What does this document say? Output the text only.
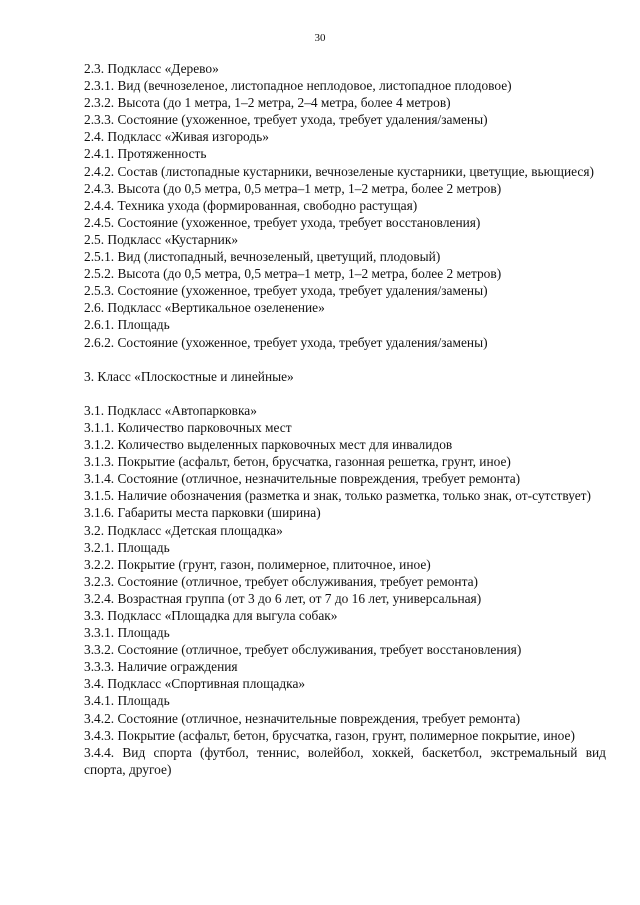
30

2.3. Подкласс «Дерево»

2.3.1. Вид (вечнозеленое, листопадное неплодовое, листопадное плодовое)

2.3.2. Высота (до 1 метра, 1–2 метра, 2–4 метра, более 4 метров)

2.3.3. Состояние (ухоженное, требует ухода, требует удаления/замены)

2.4. Подкласс «Живая изгородь»

2.4.1. Протяженность

2.4.2. Состав (листопадные кустарники, вечнозеленые кустарники, цветущие, вьющиеся)

2.4.3. Высота (до 0,5 метра, 0,5 метра–1 метр, 1–2 метра, более 2 метров)

2.4.4. Техника ухода (формированная, свободно растущая)

2.4.5. Состояние (ухоженное, требует ухода, требует восстановления)

2.5. Подкласс «Кустарник»

2.5.1. Вид (листопадный, вечнозеленый, цветущий, плодовый)

2.5.2. Высота (до 0,5 метра, 0,5 метра–1 метр, 1–2 метра, более 2 метров)

2.5.3. Состояние (ухоженное, требует ухода, требует удаления/замены)

2.6. Подкласс «Вертикальное озеленение»

2.6.1. Площадь

2.6.2. Состояние (ухоженное, требует ухода, требует удаления/замены)

3. Класс «Плоскостные и линейные»

3.1. Подкласс «Автопарковка»

3.1.1. Количество парковочных мест

3.1.2. Количество выделенных парковочных мест для инвалидов

3.1.3. Покрытие (асфальт, бетон, брусчатка, газонная решетка, грунт, иное)

3.1.4. Состояние (отличное, незначительные повреждения, требует ремонта)

3.1.5. Наличие обозначения (разметка и знак, только разметка, только знак, от-сутствует)

3.1.6. Габариты места парковки (ширина)

3.2. Подкласс «Детская площадка»

3.2.1. Площадь

3.2.2. Покрытие (грунт, газон, полимерное, плиточное, иное)

3.2.3. Состояние (отличное, требует обслуживания, требует ремонта)

3.2.4. Возрастная группа (от 3 до 6 лет, от 7 до 16 лет, универсальная)

3.3. Подкласс «Площадка для выгула собак»

3.3.1. Площадь

3.3.2. Состояние (отличное, требует обслуживания, требует восстановления)

3.3.3. Наличие ограждения

3.4. Подкласс «Спортивная площадка»

3.4.1. Площадь

3.4.2. Состояние (отличное, незначительные повреждения, требует ремонта)

3.4.3. Покрытие (асфальт, бетон, брусчатка, газон, грунт, полимерное покрытие, иное)

3.4.4. Вид спорта (футбол, теннис, волейбол, хоккей, баскетбол, экстремальный вид спорта, другое)
